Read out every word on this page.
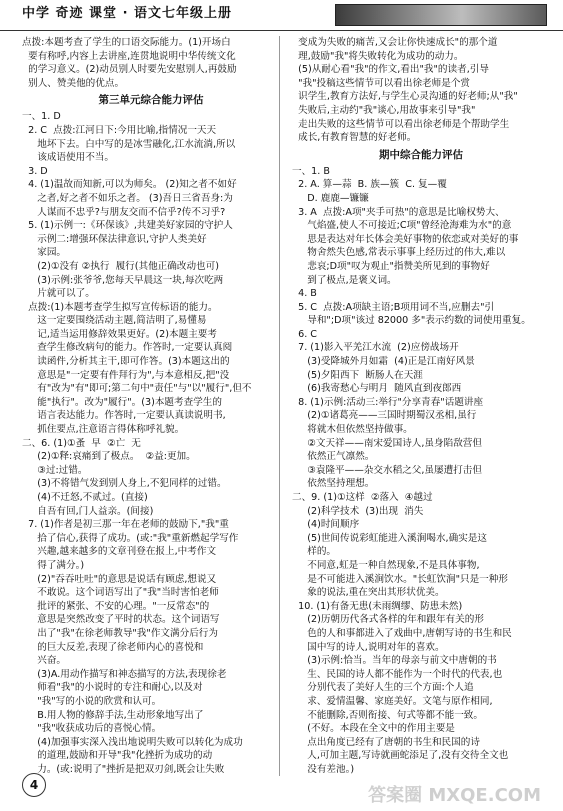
中学 奇迹 课堂 · 语文七年级上册

点拨:本题考查了学生的口语交际能力。(1)开场白
要有称呼,内容上去讲座,连贯地说明中华传统文化
的学习意义。(2)动员别人时要先安慰别人,再鼓励
别人、赞美他的优点。

第三单元综合能力评估

一、1. D
2. C  点拨:江河日下:今用比喻,指情况一天天
地坏下去。白中写的是冰雪融化,江水流淌,所以
该成语使用不当。
3. D
4. (1)温故而知新,可以为师矣。 (2)知之者不如好
之者,好之者不如乐之者。 (3)吾日三省吾身:为
人谋而不忠乎?与朋友交而不信乎?传不习乎?
5. (1)示例一:《环保该》,共建美好家园的守护人
示例二:增强环保法律意识,守护人类美好
家园。
(2)①没有 ②执行  履行(其他正确改动也可)
(3)示例:张爷爷,您每天早晨这一块,每次吃两
片就可以了。
点拨:(1)本题考查学生拟写宣传标语的能力。
这一定要围绕活动主题,简洁明了,易懂易
记,适当运用修辞效果更好。(2)本题主要考
查学生修改病句的能力。作答时,一定要认真阅
读函件,分析其主干,即可作答。(3)本题这出的
意思是"一定要有件拜行为",与本意相反,把"没
有"改为"有"即可;第二句中"责任"与"以"履行",但不
能"执行"。改为"履行"。(3)本题考查学生的
语言表达能力。作答时,一定要认真读说明书,
抓住要点,注意语言得体称呼礼貌。
二、6. (1)①蚤  早  ②亡  无
(2)①释:哀痛到了极点。  ②益:更加。
③过:过错。
(3)不将错气发到别人身上,不犯同样的过错。
(4)不迁怒,不贰过。(直接)
自吾有回,门人益亲。(间接)
7. (1)作者是初三那一年在老师的鼓励下,"我"重
拾了信心,获得了成功。(或:"我"重新燃起学写作
兴趣,越来越多的文章刊登在报上,中考作文
得了满分。)
(2)"吞吞吐吐"的意思是说话有顾虑,想说又
不敢说。这个词语写出了"我"当时害怕老师
批评的紧张、不安的心理。"一反常态"的
意思是突然改变了平时的状态。这个词语写
出了"我"在徐老师教导"我"作文满分后行为
的巨大反差,表现了徐老师内心的喜悦和
兴奋。
(3)A.用动作描写和神态描写的方法,表现徐老
师看"我"的小说时的专注和耐心,以及对
"我"写的小说的欣赏和认可。
B.用人物的修辞手法,生动形象地写出了
"我"收获成功后的喜悦心情。
(4)加强事实深入浅出地说明失败可以转化为成功
的道理,鼓励和开导"我"化挫折为成功的动
力。(或:说明了"挫折是把双刃剑,既会让失败

变成为失败的痛苦,又会让你快速成长"的那个道
理,鼓励"我"将失败转化为成功的动力。
(5)从耐心看"我"的作文,看出"我"的读者,引导
"我"投稿这些情节可以看出徐老师是个赏
识学生,教育方法好,与学生心灵沟通的好老师;从"我"
失败后,主动约"我"谈心,用故事来引导"我"
走出失败的这些情节可以看出徐老师是个帮助学生
成长,有教育智慧的好老师。

期中综合能力评估

一、1. B
2. A. 算—蒜  B. 族—簇  C. 复—覆
D. 鹿鹿—镰镰
3. A  点拨:A项"夹手可热"的意思是比喻权势大、
气焰盛,使人不可接近;C项"曾经沧海难为水"的意
思是表达对年长体会美好事物的依恋或对美好的事
物舍然失色感,常表示事事上经历过的伟大,难以
悲哀;D项"叹为观止"指赞美所见到的事物好
到了极点,是褒义词。
4. B
5. C  点拨:A项缺主语;B项用词不当,应删去"引
导和";D项"该过 82000 多"表示约数的词使用重复。
6. C
7. (1)影入平羌江水流  (2)应傍战场开
(3)受降城外月如霜  (4)正是江南好风景
(5)夕阳西下  断肠人在天涯
(6)我寄愁心与明月  随风直到夜郎西
8. (1)示例:活动三:举行"分享青春"话题讲座
(2)①诸葛亮——三国时期蜀汉丞相,虽行
将就木但依然坚持做事。
②文天祥——南宋爱国诗人,虽身陷敌营但
依然正气凛然。
③袁隆平——杂交水稻之父,虽屡遭打击但
依然坚持理想。
二、9. (1)①这样  ②落入  ④越过
(2)科学技术  (3)出现  消失
(4)时间顺序
(5)世间传说彩虹能进入溪涧喝水,确实是这
样的。
不同意,虹是一种自然现象,不是具体事物,
是不可能进入溪涧饮水。"长虹饮涧"只是一种形
象的说法,重在突出其形状优美。
10. (1)有备无患(未雨绸缪、防患未然)
(2)历朝历代各式各样的年和跟年有关的形
色的人和事都进入了戏曲中,唐朝写诗的书生和民
国中写的诗人,说明对年的喜欢。
(3)示例:恰当。当年的母亲与前文中唐朝的书
生、民国的诗人都不能作为一个时代的代表,也
分别代表了美好人生的三个方面:个人追
求、爱情温馨、家庭美好。文笔与原作相同,
不能删除,否则衔接、句式等都不能一致。
(不好。本段在全文中的作用主要是
点出角度已经有了唐朝的书生和民国的诗
人,可加主题,写诗就画蛇添足了,没有交待全文也
没有差池。)

4	答案圈 MXQE.COM
